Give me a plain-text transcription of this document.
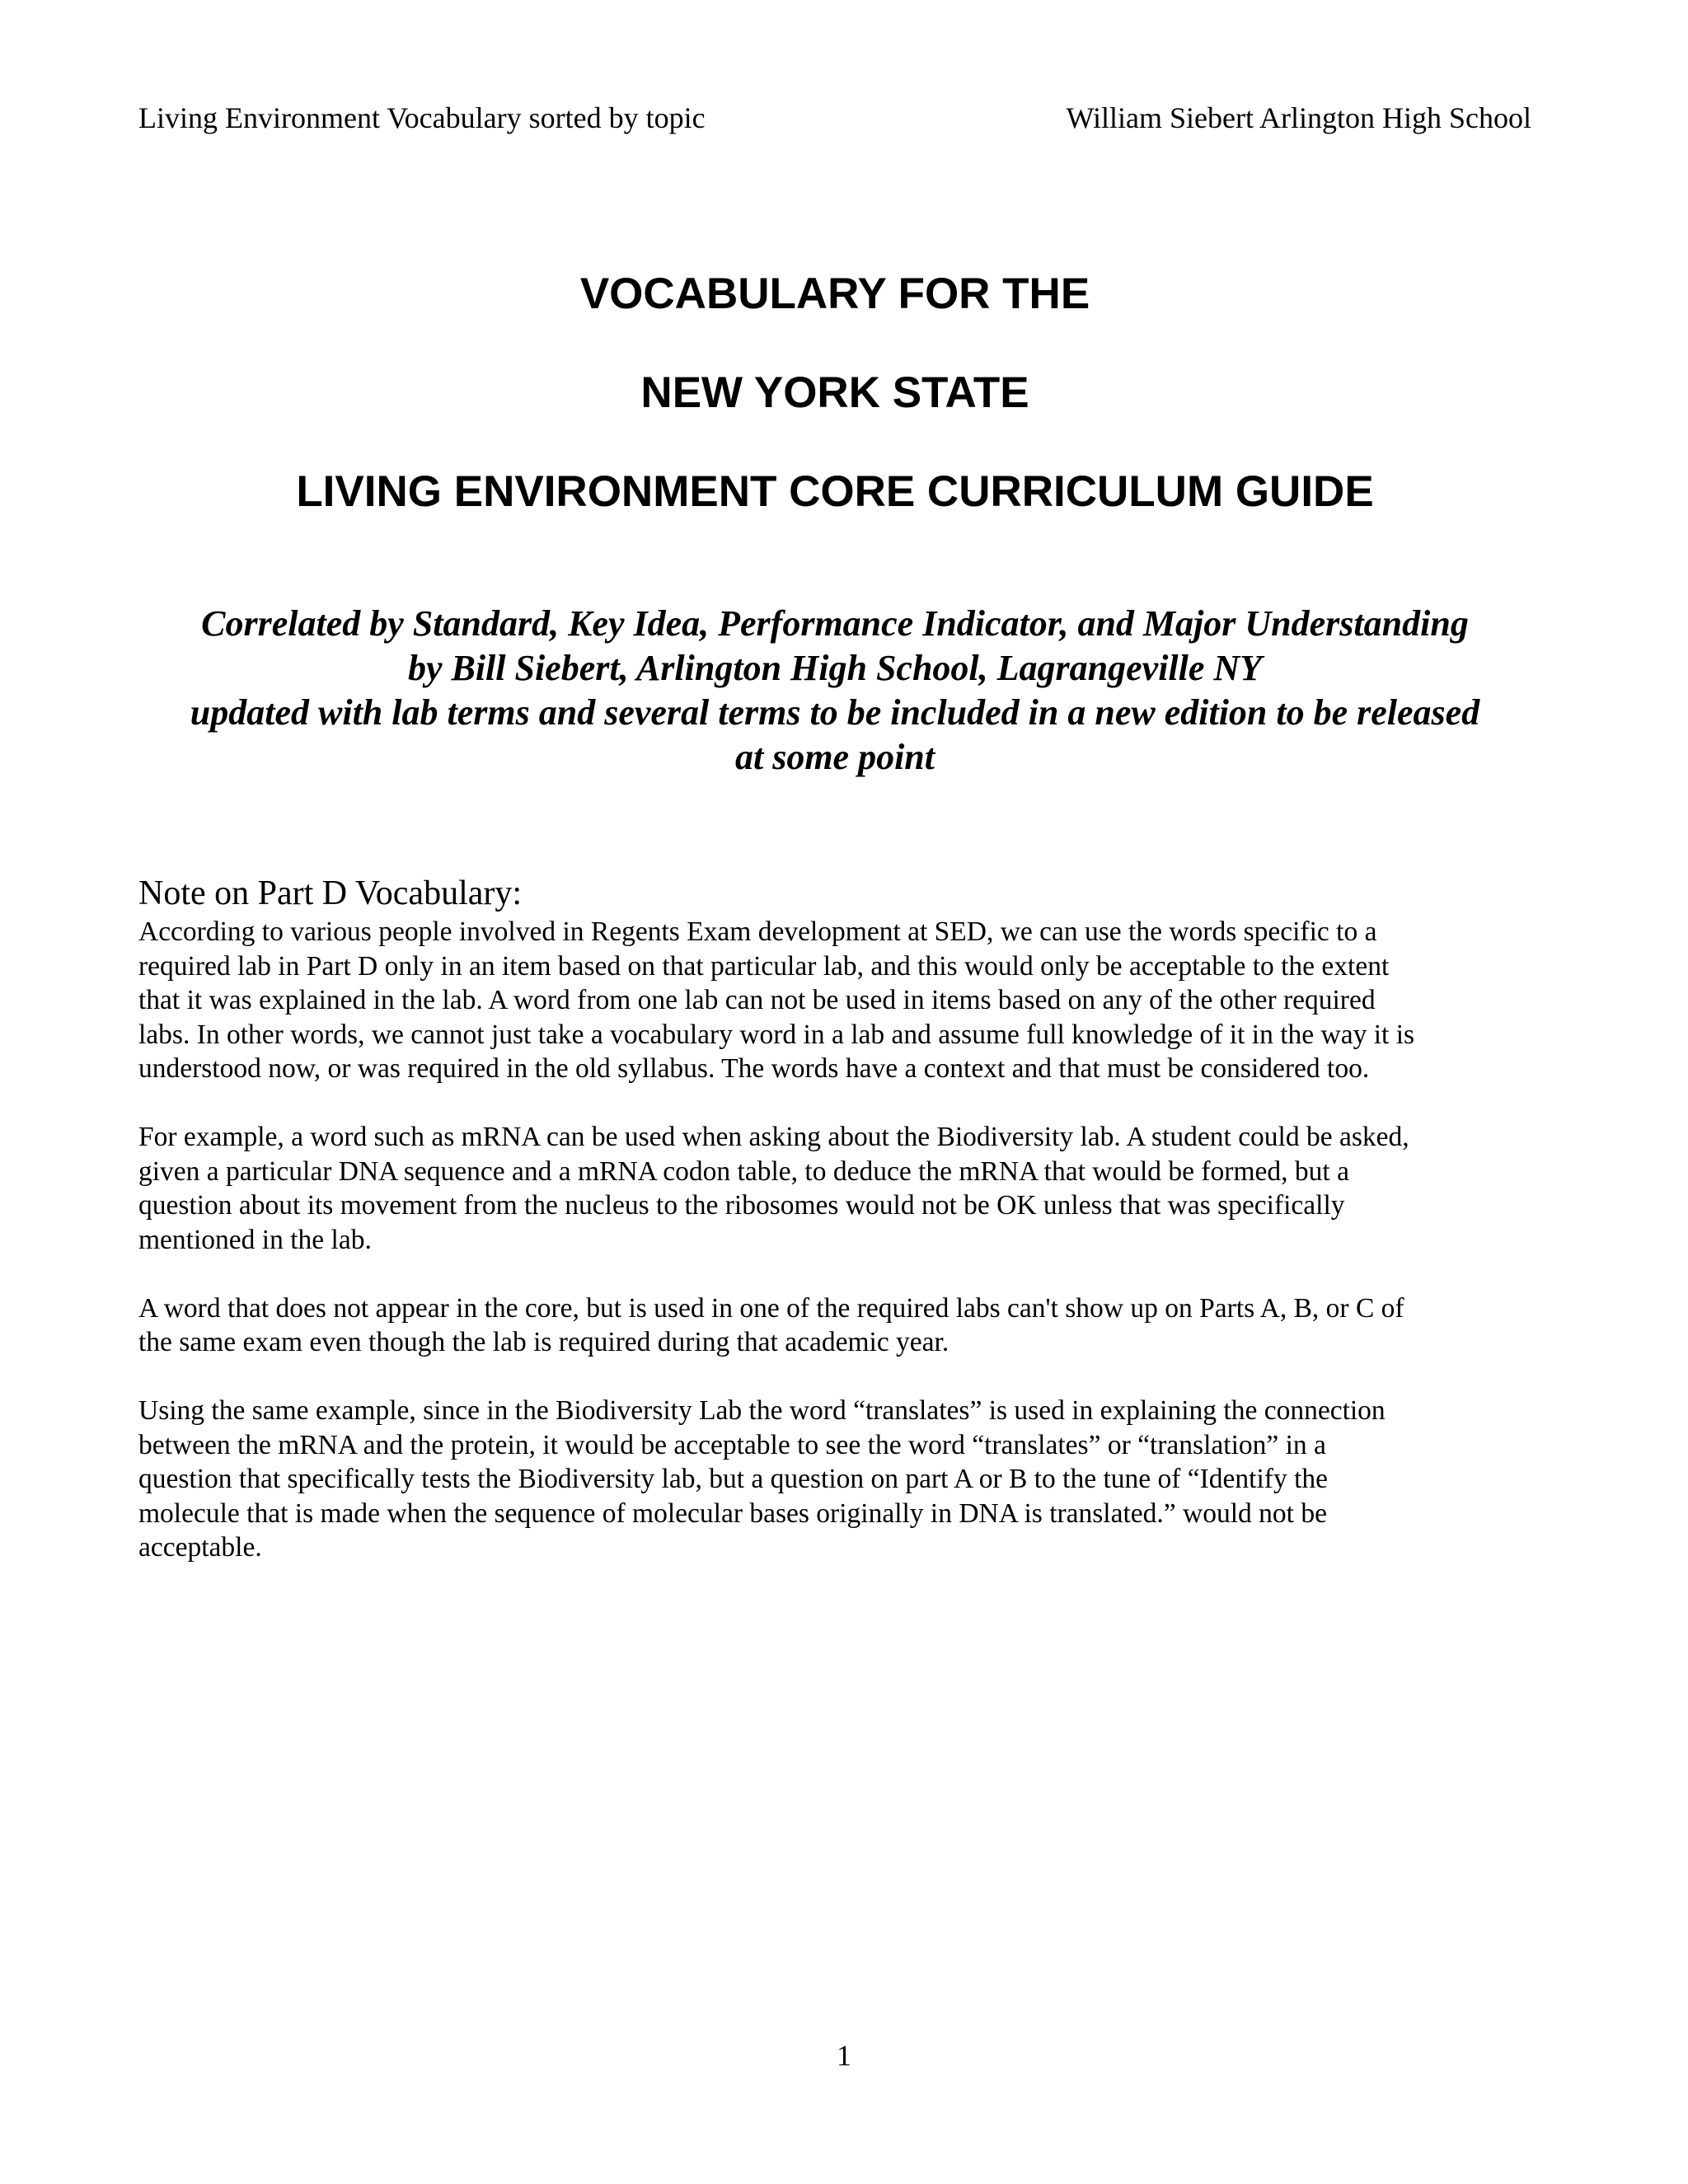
Living Environment Vocabulary sorted by topic	William Siebert Arlington High School
VOCABULARY FOR THE
NEW YORK STATE
LIVING ENVIRONMENT CORE CURRICULUM GUIDE
Correlated by Standard, Key Idea, Performance Indicator, and Major Understanding
by Bill Siebert, Arlington High School, Lagrangeville NY
updated with lab terms and several terms to be included in a new edition to be released
at some point
Note on Part D Vocabulary:
According to various people involved in Regents Exam development at SED, we can use the words specific to a
required lab in Part D only in an item based on that particular lab, and this would only be acceptable to the extent
that it was explained in the lab. A word from one lab can not be used in items based on any of the other required
labs. In other words, we cannot just take a vocabulary word in a lab and assume full knowledge of it in the way it is
understood now, or was required in the old syllabus. The words have a context and that must be considered too.
For example, a word such as mRNA can be used when asking about the Biodiversity lab. A student could be asked,
given a particular DNA sequence and a mRNA codon table, to deduce the mRNA that would be formed, but a
question about its movement from the nucleus to the ribosomes would not be OK unless that was specifically
mentioned in the lab.
A word that does not appear in the core, but is used in one of the required labs can't show up on Parts A, B, or C of
the same exam even though the lab is required during that academic year.
Using the same example, since in the Biodiversity Lab the word “translates” is used in explaining the connection
between the mRNA and the protein, it would be acceptable to see the word “translates” or “translation” in a
question that specifically tests the Biodiversity lab, but a question on part A or B to the tune of “Identify the
molecule that is made when the sequence of molecular bases originally in DNA is translated.” would not be
acceptable.
1
